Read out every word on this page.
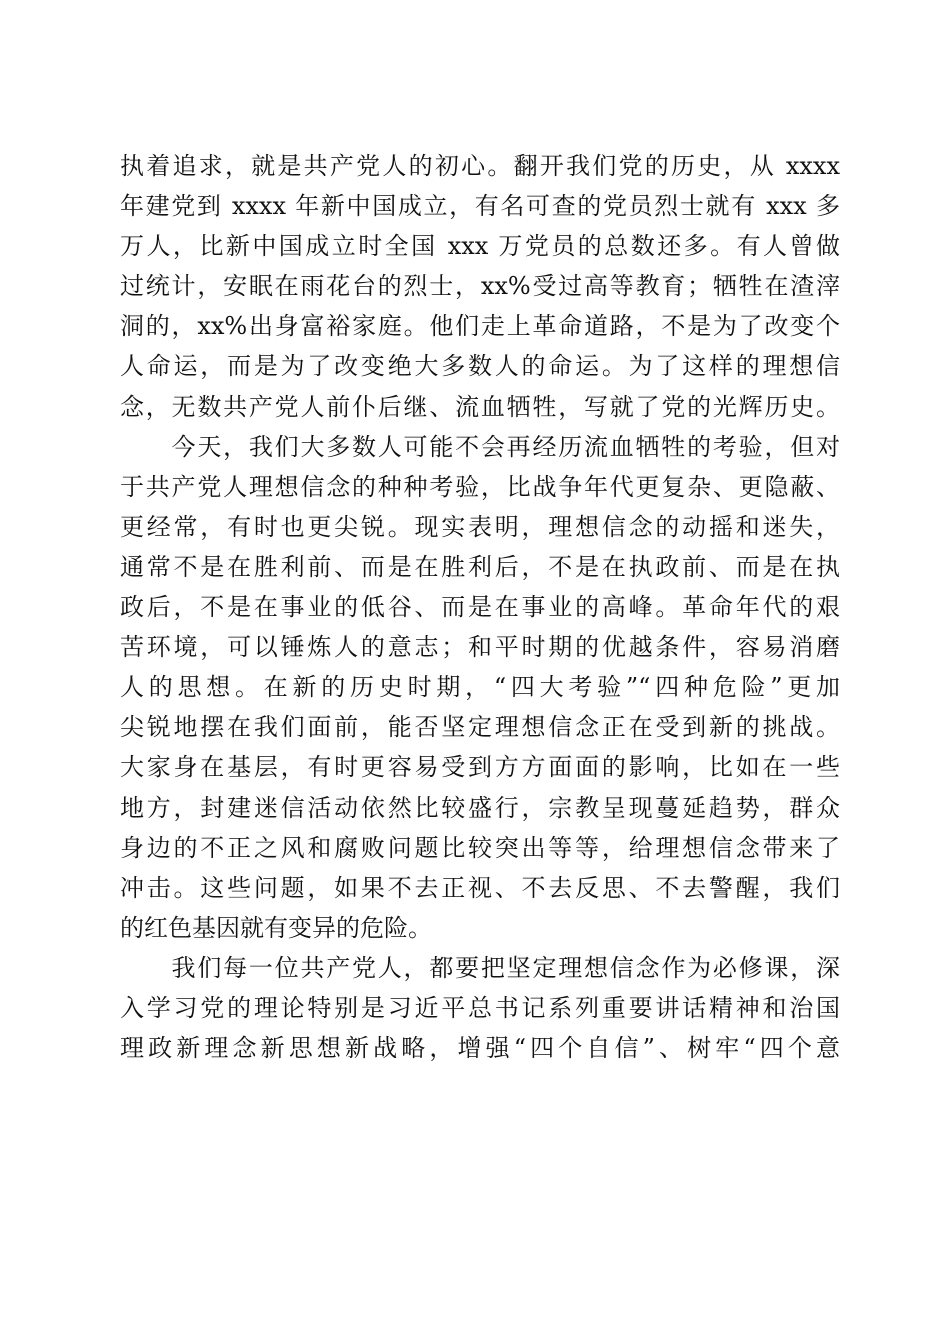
执着追求，就是共产党人的初心。翻开我们党的历史，从 xxxx
年建党到 xxxx 年新中国成立，有名可查的党员烈士就有 xxx 多
万人，比新中国成立时全国 xxx 万党员的总数还多。有人曾做
过统计，安眠在雨花台的烈士，xx%受过高等教育；牺牲在渣滓
洞的，xx%出身富裕家庭。他们走上革命道路，不是为了改变个
人命运，而是为了改变绝大多数人的命运。为了这样的理想信
念，无数共产党人前仆后继、流血牺牲，写就了党的光辉历史。
　　今天，我们大多数人可能不会再经历流血牺牲的考验，但对
于共产党人理想信念的种种考验，比战争年代更复杂、更隐蔽、
更经常，有时也更尖锐。现实表明，理想信念的动摇和迷失，
通常不是在胜利前、而是在胜利后，不是在执政前、而是在执
政后，不是在事业的低谷、而是在事业的高峰。革命年代的艰
苦环境，可以锤炼人的意志；和平时期的优越条件，容易消磨
人的思想。在新的历史时期，“四大考验”“四种危险”更加
尖锐地摆在我们面前，能否坚定理想信念正在受到新的挑战。
大家身在基层，有时更容易受到方方面面的影响，比如在一些
地方，封建迷信活动依然比较盛行，宗教呈现蔓延趋势，群众
身边的不正之风和腐败问题比较突出等等，给理想信念带来了
冲击。这些问题，如果不去正视、不去反思、不去警醒，我们
的红色基因就有变异的危险。
　　我们每一位共产党人，都要把坚定理想信念作为必修课，深
入学习党的理论特别是习近平总书记系列重要讲话精神和治国
理政新理念新思想新战略，增强“四个自信”、树牢“四个意
